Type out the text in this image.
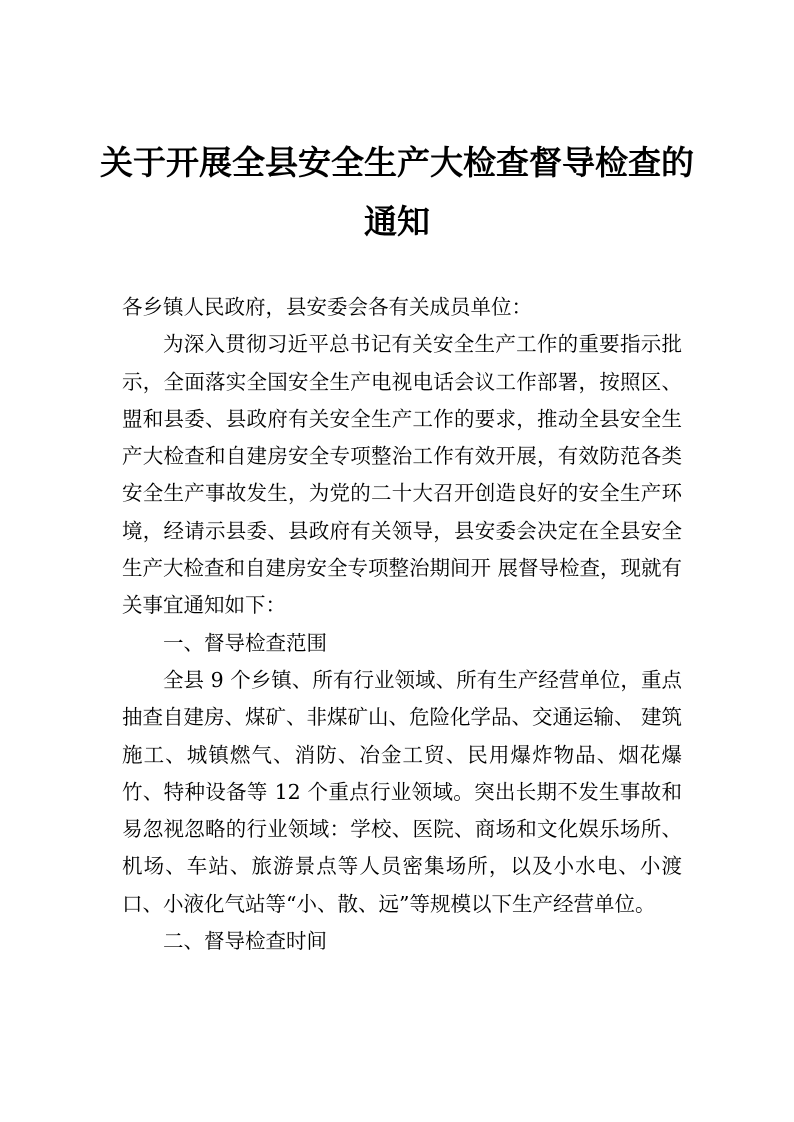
关于开展全县安全生产大检查督导检查的
通知

各乡镇人民政府，县安委会各有关成员单位：

为深入贯彻习近平总书记有关安全生产工作的重要指示批示，全面落实全国安全生产电视电话会议工作部署，按照区、盟和县委、县政府有关安全生产工作的要求，推动全县安全生产大检查和自建房安全专项整治工作有效开展，有效防范各类安全生产事故发生，为党的二十大召开创造良好的安全生产环境，经请示县委、县政府有关领导，县安委会决定在全县安全生产大检查和自建房安全专项整治期间开 展督导检查，现就有关事宜通知如下：

一、督导检查范围

全县 9 个乡镇、所有行业领域、所有生产经营单位，重点抽查自建房、煤矿、非煤矿山、危险化学品、交通运输、 建筑施工、城镇燃气、消防、冶金工贸、民用爆炸物品、烟花爆竹、特种设备等 12 个重点行业领域。突出长期不发生事故和易忽视忽略的行业领域：学校、医院、商场和文化娱乐场所、机场、车站、旅游景点等人员密集场所，以及小水电、小渡口、小液化气站等“小、散、远”等规模以下生产经营单位。

二、督导检查时间
